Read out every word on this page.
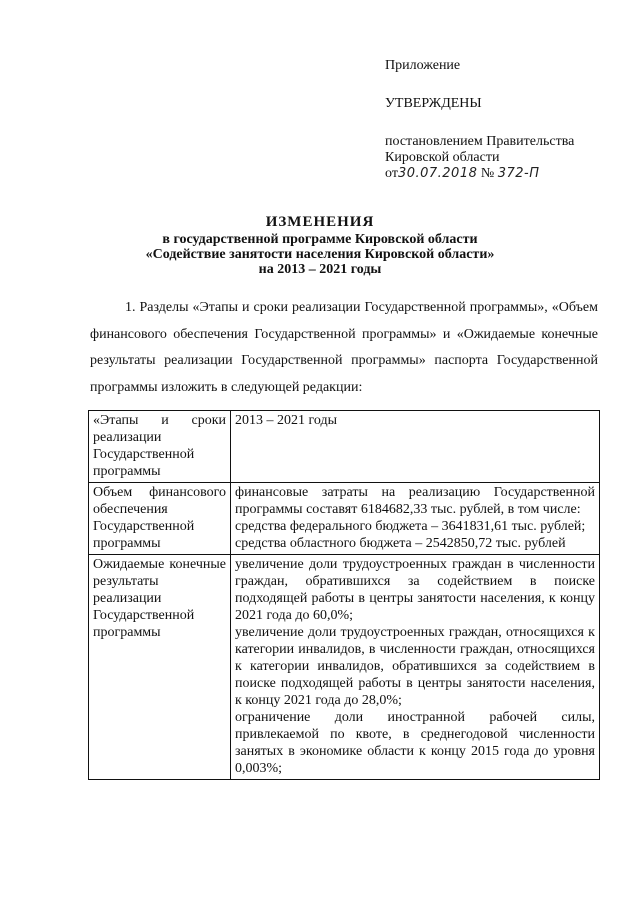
Приложение

УТВЕРЖДЕНЫ

постановлением Правительства
Кировской области
от30.07.2018 № 372-П
ИЗМЕНЕНИЯ
в государственной программе Кировской области
«Содействие занятости населения Кировской области»
на 2013 – 2021 годы

1. Разделы «Этапы и сроки реализации Государственной программы», «Объем финансового обеспечения Государственной программы» и «Ожидаемые конечные результаты реализации Государственной программы» паспорта Государственной программы изложить в следующей редакции:

«Этапы и сроки реализации Государственной программы	2013 – 2021 годы

Объем финансового обеспечения Государственной программы	финансовые затраты на реализацию Государственной программы составят 6184682,33 тыс. рублей, в том числе:
средства федерального бюджета – 3641831,61 тыс. рублей;
средства областного бюджета – 2542850,72 тыс. рублей

Ожидаемые конечные результаты реализации Государственной программы	увеличение доли трудоустроенных граждан в численности граждан, обратившихся за содействием в поиске подходящей работы в центры занятости населения, к концу 2021 года до 60,0%;
увеличение доли трудоустроенных граждан, относящихся к категории инвалидов, в численности граждан, относящихся к категории инвалидов, обратившихся за содействием в поиске подходящей работы в центры занятости населения, к концу 2021 года до 28,0%;
ограничение доли иностранной рабочей силы, привлекаемой по квоте, в среднегодовой численности занятых в экономике области к концу 2015 года до уровня 0,003%;
